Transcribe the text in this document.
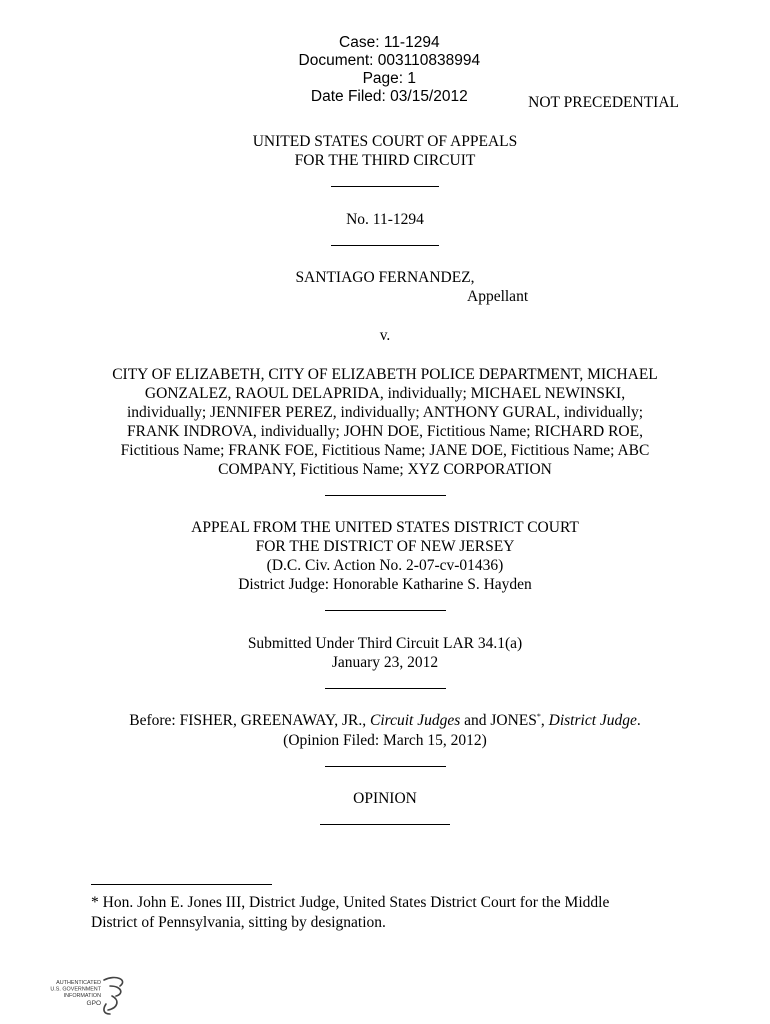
Case: 11-1294
Document: 003110838994
Page: 1
Date Filed: 03/15/2012	NOT PRECEDENTIAL
UNITED STATES COURT OF APPEALS
FOR THE THIRD CIRCUIT
No. 11-1294
SANTIAGO FERNANDEZ,
Appellant
v.
CITY OF ELIZABETH, CITY OF ELIZABETH POLICE DEPARTMENT, MICHAEL
GONZALEZ, RAOUL DELAPRIDA, individually; MICHAEL NEWINSKI,
individually; JENNIFER PEREZ, individually; ANTHONY GURAL, individually;
FRANK INDROVA, individually; JOHN DOE, Fictitious Name; RICHARD ROE,
Fictitious Name; FRANK FOE, Fictitious Name; JANE DOE, Fictitious Name; ABC
COMPANY, Fictitious Name; XYZ CORPORATION
APPEAL FROM THE UNITED STATES DISTRICT COURT
FOR THE DISTRICT OF NEW JERSEY
(D.C. Civ. Action No. 2-07-cv-01436)
District Judge: Honorable Katharine S. Hayden
Submitted Under Third Circuit LAR 34.1(a)
January 23, 2012
Before: FISHER, GREENAWAY, JR., Circuit Judges and JONES*, District Judge.
(Opinion Filed: March 15, 2012)
OPINION
* Hon. John E. Jones III, District Judge, United States District Court for the Middle
District of Pennsylvania, sitting by designation.
AUTHENTICATED
U.S. GOVERNMENT
INFORMATION
GPO
